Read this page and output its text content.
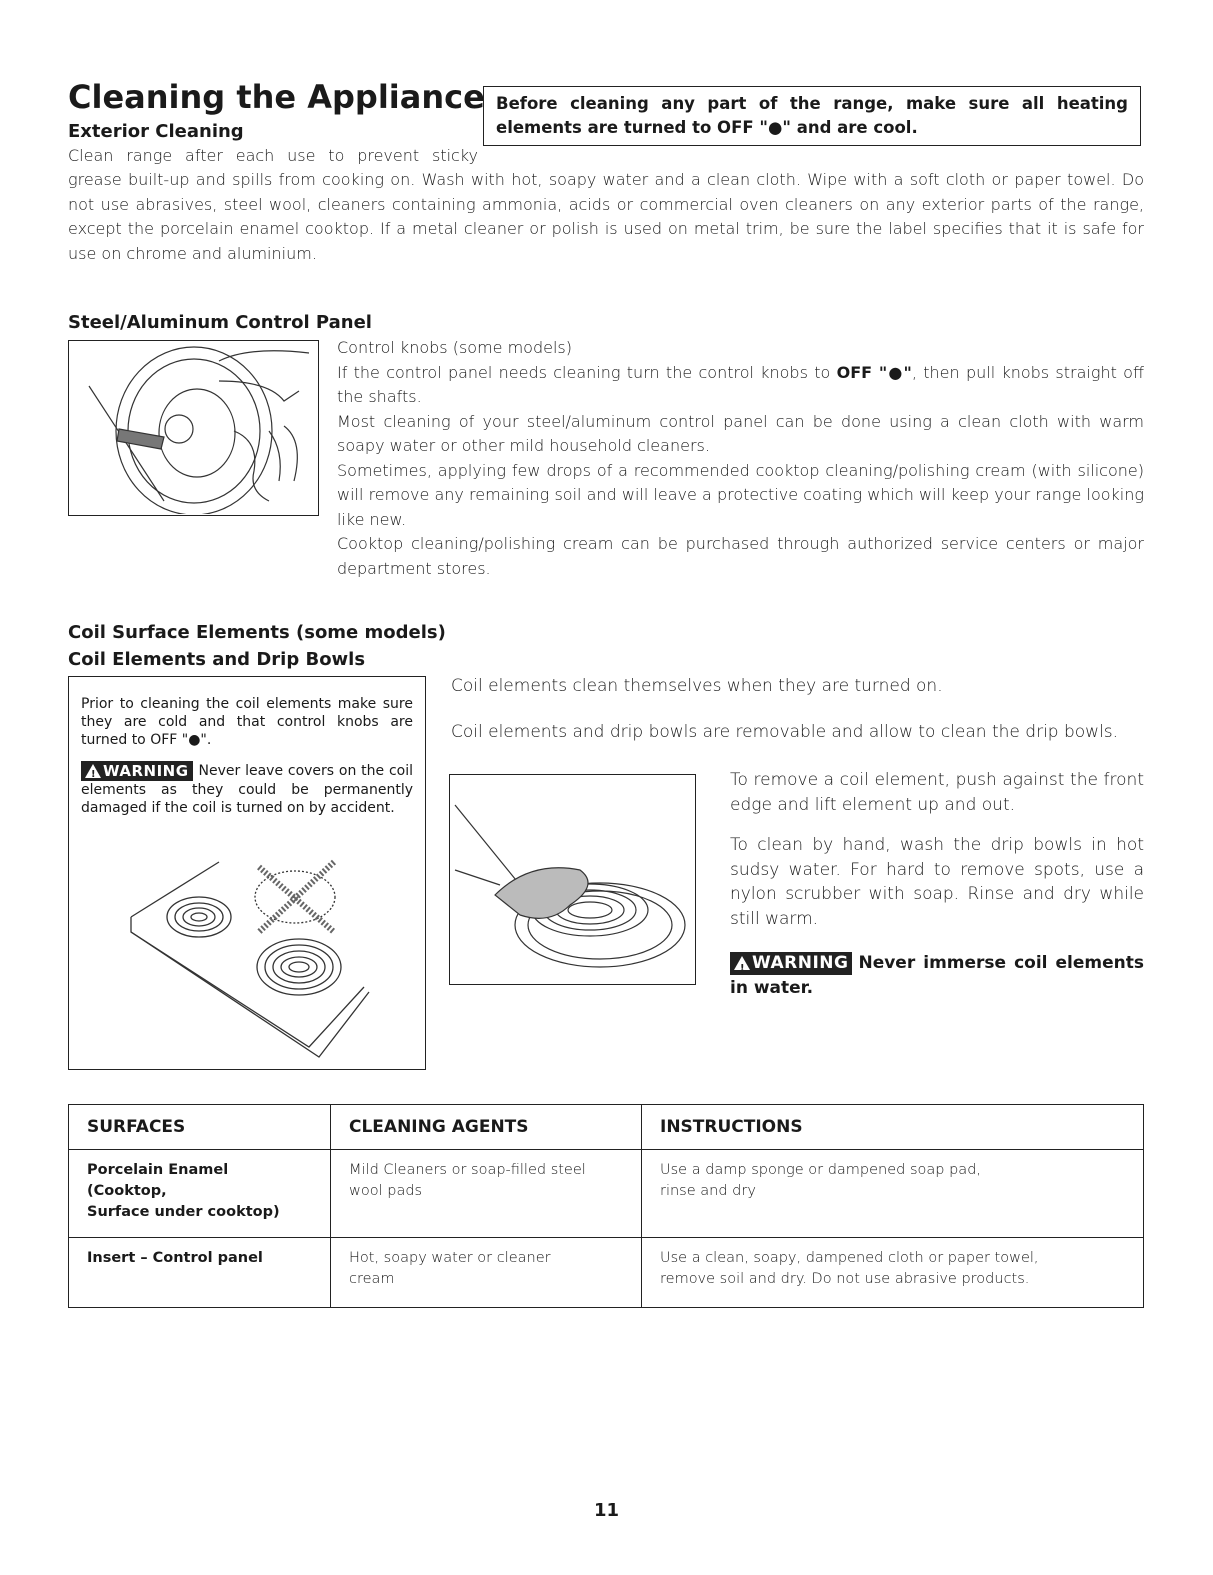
Cleaning the Appliance Before cleaning any part of the range, make sure all heating elements are turned to OFF "●" and are cool.
Exterior Cleaning

Clean range after each use to prevent sticky

grease built-up and spills from cooking on. Wash with hot, soapy water and a clean cloth. Wipe with a soft cloth or paper towel. Do not use abrasives, steel wool, cleaners containing ammonia, acids or commercial oven cleaners on any exterior parts of the range, except the porcelain enamel cooktop. If a metal cleaner or polish is used on metal trim, be sure the label specifies that it is safe for use on chrome and aluminium.

Steel/Aluminum Control Panel

Control knobs (some models)

If the control panel needs cleaning turn the control knobs to OFF "●", then pull knobs straight off the shafts.

Most cleaning of your steel/aluminum control panel can be done using a clean cloth with warm soapy water or other mild household cleaners.

Sometimes, applying few drops of a recommended cooktop cleaning/polishing cream (with silicone) will remove any remaining soil and will leave a protective coating which will keep your range looking like new.

Cooktop cleaning/polishing cream can be purchased through authorized service centers or major department stores.

Coil Surface Elements (some models)
Coil Elements and Drip Bowls

Prior to cleaning the coil elements make sure they are cold and that control knobs are turned to OFF "●".

!WARNING Never leave covers on the coil elements as they could be permanently damaged if the coil is turned on by accident.

Coil elements clean themselves when they are turned on.

Coil elements and drip bowls are removable and allow to clean the drip bowls.

To remove a coil element, push against the front edge and lift element up and out.

To clean by hand, wash the drip bowls in hot sudsy water. For hard to remove spots, use a nylon scrubber with soap. Rinse and dry while still warm.

!WARNING Never immerse coil elements in water.

SURFACES	CLEANING AGENTS	INSTRUCTIONS
Porcelain Enamel
(Cooktop,
Surface under cooktop)	Mild Cleaners or soap-filled steel
wool pads	Use a damp sponge or dampened soap pad,
rinse and dry
Insert – Control panel	Hot, soapy water or cleaner
cream	Use a clean, soapy, dampened cloth or paper towel,
remove soil and dry. Do not use abrasive products.
11
